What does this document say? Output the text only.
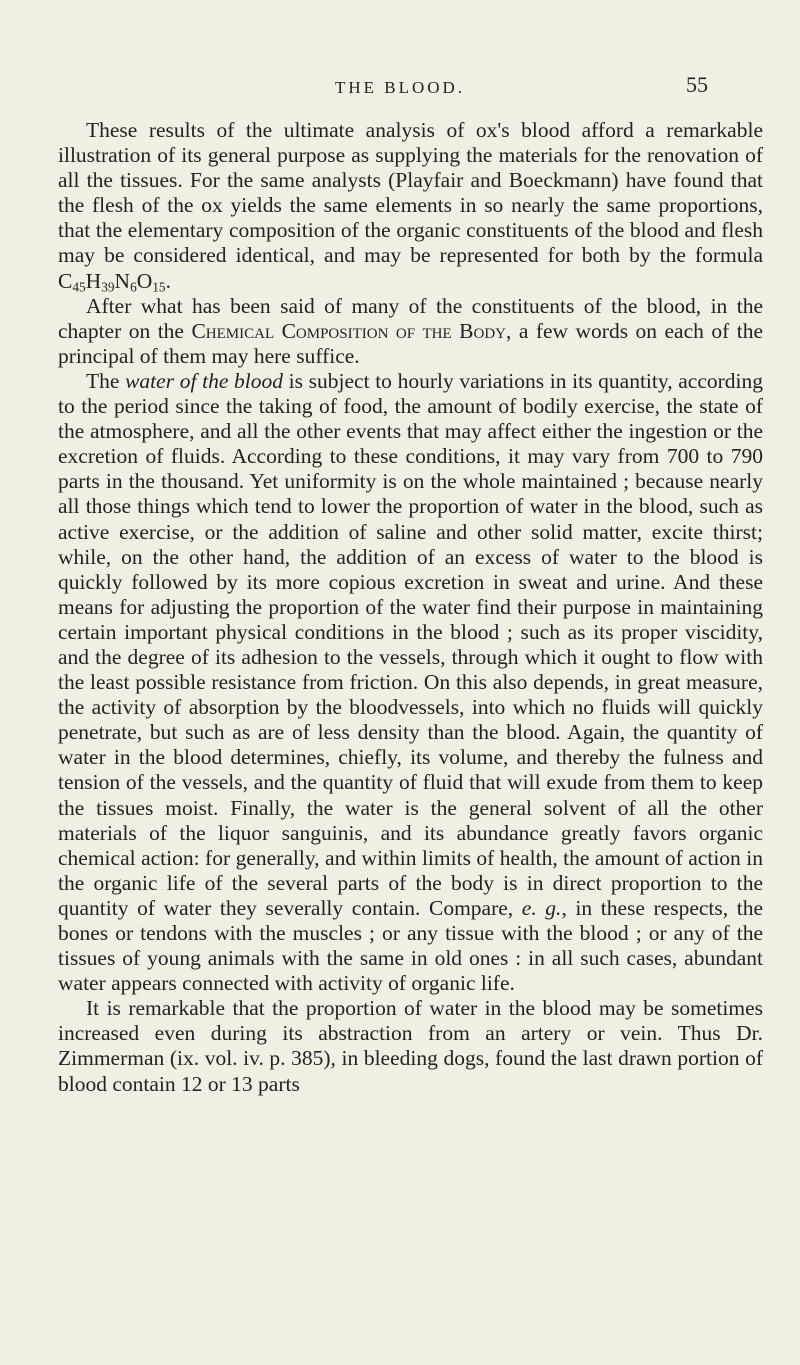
THE BLOOD.	55

These results of the ultimate analysis of ox's blood afford a remarkable illustration of its general purpose as supplying the materials for the renovation of all the tissues. For the same analysts (Playfair and Boeckmann) have found that the flesh of the ox yields the same elements in so nearly the same proportions, that the elementary composition of the organic constituents of the blood and flesh may be considered identical, and may be represented for both by the formula $C_{45}H_{39}N_6O_{15}$.

After what has been said of many of the constituents of the blood, in the chapter on the Chemical Composition of the Body, a few words on each of the principal of them may here suffice.

The water of the blood is subject to hourly variations in its quantity, according to the period since the taking of food, the amount of bodily exercise, the state of the atmosphere, and all the other events that may affect either the ingestion or the excretion of fluids. According to these conditions, it may vary from 700 to 790 parts in the thousand. Yet uniformity is on the whole maintained ; because nearly all those things which tend to lower the proportion of water in the blood, such as active exercise, or the addition of saline and other solid matter, excite thirst; while, on the other hand, the addition of an excess of water to the blood is quickly followed by its more copious excretion in sweat and urine. And these means for adjusting the proportion of the water find their purpose in maintaining certain important physical conditions in the blood ; such as its proper viscidity, and the degree of its adhesion to the vessels, through which it ought to flow with the least possible resistance from friction. On this also depends, in great measure, the activity of absorption by the bloodvessels, into which no fluids will quickly penetrate, but such as are of less density than the blood. Again, the quantity of water in the blood determines, chiefly, its volume, and thereby the fulness and tension of the vessels, and the quantity of fluid that will exude from them to keep the tissues moist. Finally, the water is the general solvent of all the other materials of the liquor sanguinis, and its abundance greatly favors organic chemical action: for generally, and within limits of health, the amount of action in the organic life of the several parts of the body is in direct proportion to the quantity of water they severally contain. Compare, e. g., in these respects, the bones or tendons with the muscles ; or any tissue with the blood ; or any of the tissues of young animals with the same in old ones : in all such cases, abundant water appears connected with activity of organic life.

It is remarkable that the proportion of water in the blood may be sometimes increased even during its abstraction from an artery or vein. Thus Dr. Zimmerman (ix. vol. iv. p. 385), in bleeding dogs, found the last drawn portion of blood contain 12 or 13 parts
